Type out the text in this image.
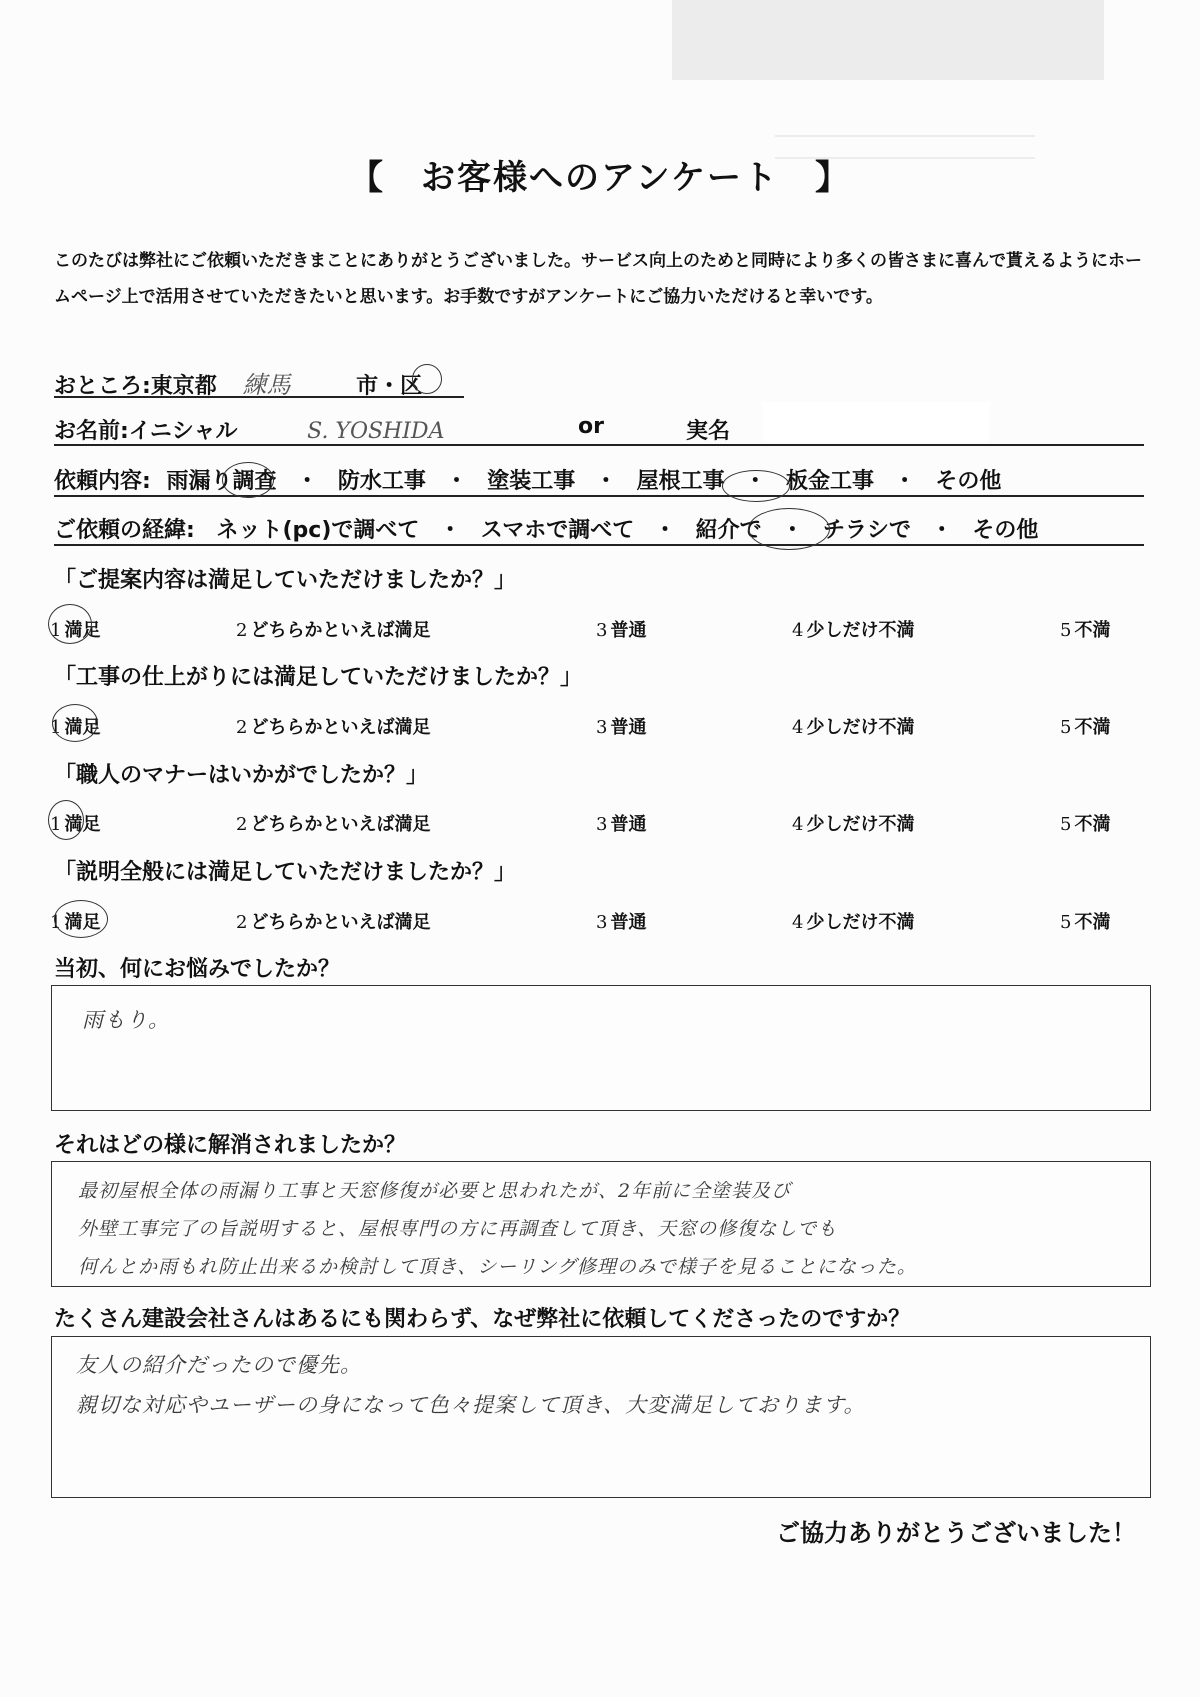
【　お客様へのアンケート　】
このたびは弊社にご依頼いただきまことにありがとうございました。サービス向上のためと同時により多くの皆さまに喜んで貰えるようにホームページ上で活用させていただきたいと思います。お手数ですがアンケートにご協力いただけると幸いです。
おところ:東京都 練馬	市・区
お名前:イニシャル	S. YOSHIDA	or	実名
依頼内容: 雨漏り調査 ・ 防水工事 ・ 塗装工事 ・ 屋根工事 ・ 板金工事 ・ その他
ご依頼の経緯: ネット(pc)で調べて ・ スマホで調べて ・ 紹介で ・ チラシで ・ その他
「ご提案内容は満足していただけましたか？」
1 満足	2 どちらかといえば満足	3 普通	4 少しだけ不満	5 不満
「工事の仕上がりには満足していただけましたか？」
1 満足	2 どちらかといえば満足	3 普通	4 少しだけ不満	5 不満
「職人のマナーはいかがでしたか？」
1 満足	2 どちらかといえば満足	3 普通	4 少しだけ不満	5 不満
「説明全般には満足していただけましたか？」
1 満足	2 どちらかといえば満足	3 普通	4 少しだけ不満	5 不満
当初、何にお悩みでしたか？
雨もり。
それはどの様に解消されましたか？
最初屋根全体の雨漏り工事と天窓修復が必要と思われたが、2年前に全塗装及び
外壁工事完了の旨説明すると、屋根専門の方に再調査して頂き、天窓の修復なしでも
何んとか雨もれ防止出来るか検討して頂き、シーリング修理のみで様子を見ることになった。
たくさん建設会社さんはあるにも関わらず、なぜ弊社に依頼してくださったのですか？
友人の紹介だったので優先。
親切な対応やユーザーの身になって色々提案して頂き、大変満足しております。
ご協力ありがとうございました！
